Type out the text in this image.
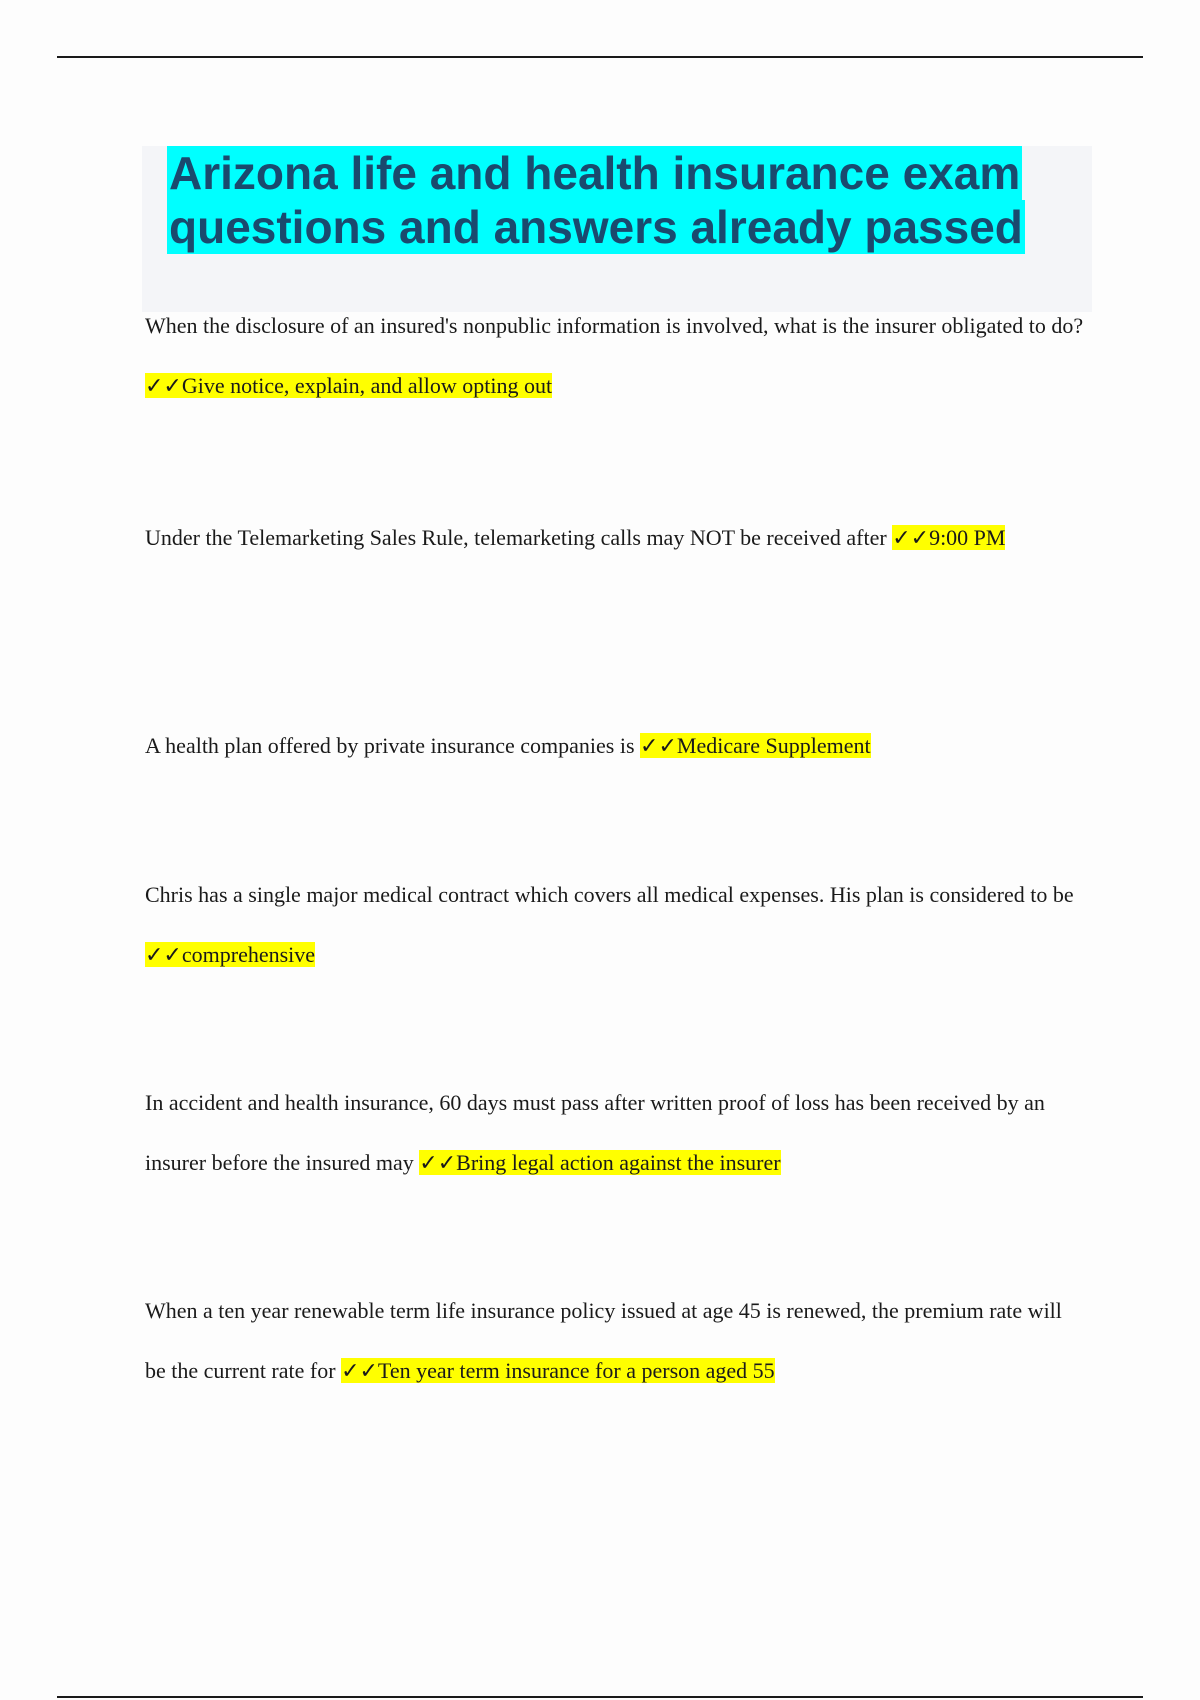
Arizona life and health insurance exam
questions and answers already passed

When the disclosure of an insured's nonpublic information is involved, what is the insurer obligated to do? ✓✓Give notice, explain, and allow opting out

Under the Telemarketing Sales Rule, telemarketing calls may NOT be received after ✓✓9:00 PM

A health plan offered by private insurance companies is ✓✓Medicare Supplement

Chris has a single major medical contract which covers all medical expenses. His plan is considered to be ✓✓comprehensive

In accident and health insurance, 60 days must pass after written proof of loss has been received by an insurer before the insured may ✓✓Bring legal action against the insurer

When a ten year renewable term life insurance policy issued at age 45 is renewed, the premium rate will be the current rate for ✓✓Ten year term insurance for a person aged 55
